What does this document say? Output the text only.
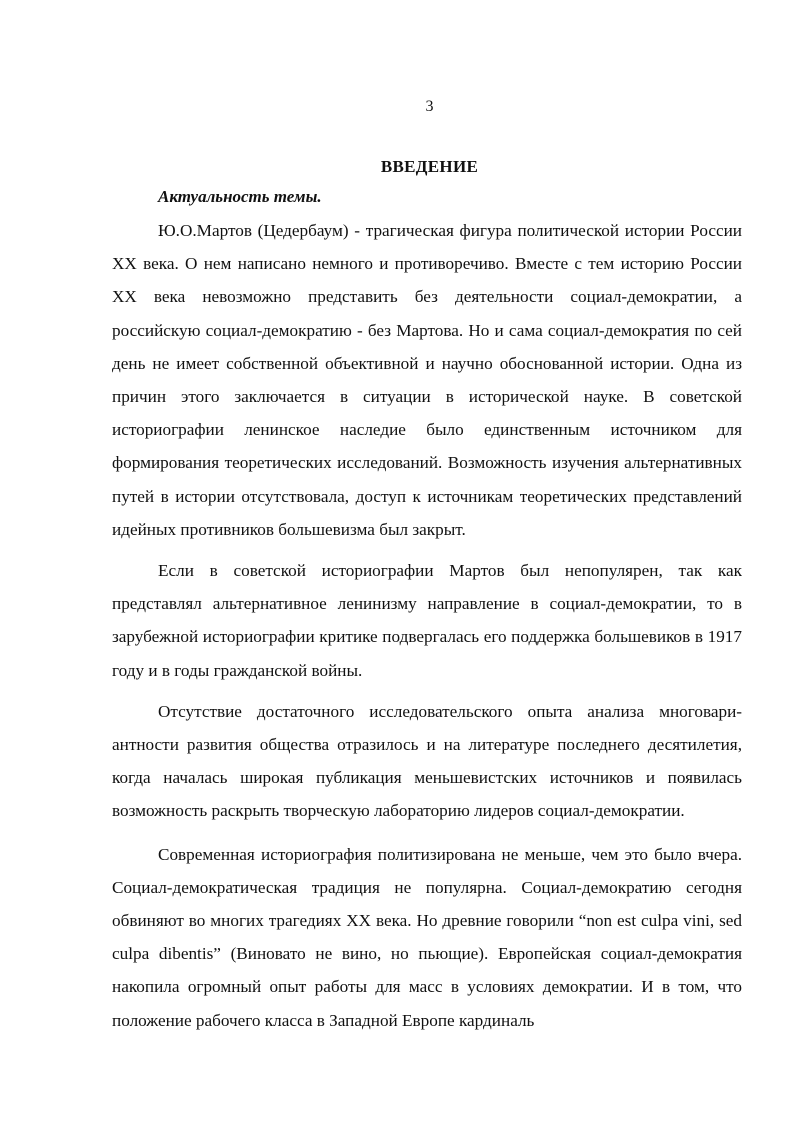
3
ВВЕДЕНИЕ
Актуальность темы.

Ю.О.Мартов (Цедербаум) - трагическая фигура политической истории России XX века. О нем написано немного и противоречиво. Вместе с тем историю России XX века невозможно представить без деятельности социал-демократии, а российскую социал-демократию - без Мартова. Но и сама социал-демократия по сей день не имеет собственной объективной и научно обоснованной истории. Одна из причин этого заключается в ситуации в исторической науке. В советской историографии ленинское наследие было единственным источником для формирования теоретических исследований. Возможность изучения альтернативных путей в истории отсутствовала, доступ к источникам теоретических представлений идейных противников большевизма был закрыт.

Если в советской историографии Мартов был непопулярен, так как представлял альтернативное ленинизму направление в социал-демократии, то в зарубежной историографии критике подвергалась его поддержка большевиков в 1917 году и в годы гражданской войны.

Отсутствие достаточного исследовательского опыта анализа многовариантности развития общества отразилось и на литературе последнего десятилетия, когда началась широкая публикация меньшевистских источников и появилась возможность раскрыть творческую лабораторию лидеров социал-демократии.

Современная историография политизирована не меньше, чем это было вчера. Социал-демократическая традиция не популярна. Социал-демократию сегодня обвиняют во многих трагедиях XX века. Но древние говорили “non est culpa vini, sed culpa dibentis” (Виновато не вино, но пьющие). Европейская социал-демократия накопила огромный опыт работы для масс в условиях демократии. И в том, что положение рабочего класса в Западной Европе кардиналь
